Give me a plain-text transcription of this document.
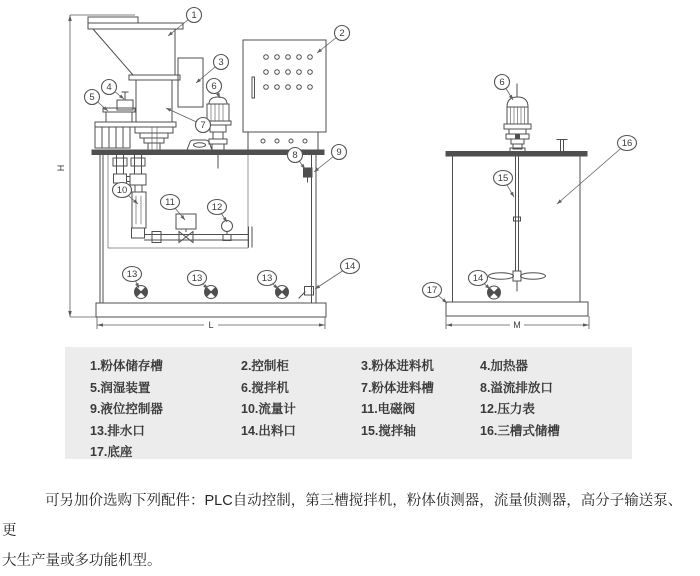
H
L	M
1
2
3
4
5
6
7
8	9
10
11	12
13	13	13
14
6
15
16
14
17
1.粉体储存槽	2.控制柜	3.粉体进料机	4.加热器
5.润湿装置	6.搅拌机	7.粉体进料槽	8.溢流排放口
9.液位控制器	10.流量计	11.电磁阀	12.压力表
13.排水口	14.出料口	15.搅拌轴	16.三槽式储槽
17.底座
可另加价选购下列配件：PLC自动控制，第三槽搅拌机，粉体侦测器，流量侦测器，高分子输送泵、 更
大生产量或多功能机型。
